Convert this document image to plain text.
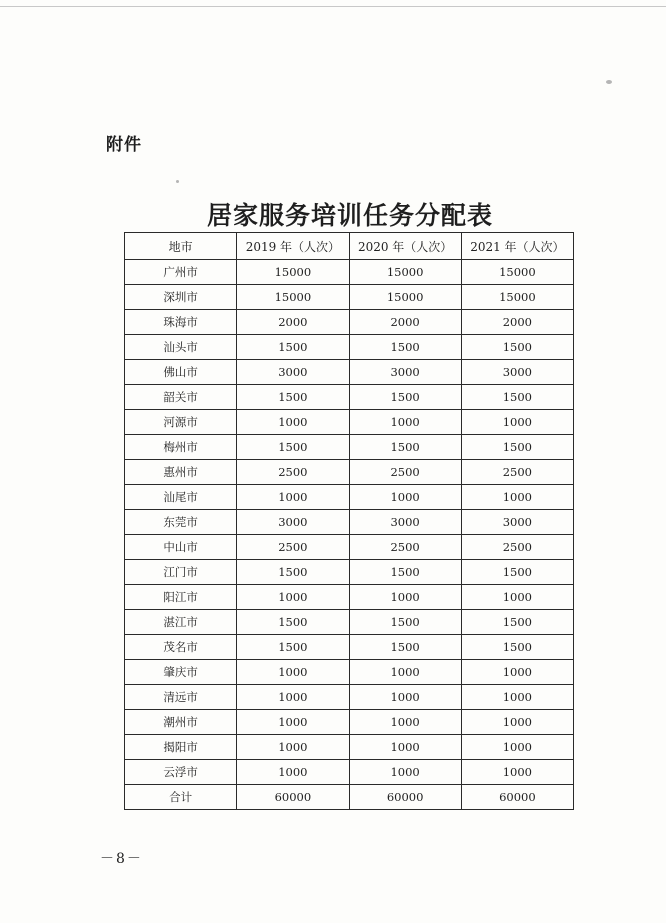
附件
居家服务培训任务分配表
地市	2019 年（人次）	2020 年（人次）	2021 年（人次）
广州市	15000	15000	15000
深圳市	15000	15000	15000
珠海市	2000	2000	2000
汕头市	1500	1500	1500
佛山市	3000	3000	3000
韶关市	1500	1500	1500
河源市	1000	1000	1000
梅州市	1500	1500	1500
惠州市	2500	2500	2500
汕尾市	1000	1000	1000
东莞市	3000	3000	3000
中山市	2500	2500	2500
江门市	1500	1500	1500
阳江市	1000	1000	1000
湛江市	1500	1500	1500
茂名市	1500	1500	1500
肇庆市	1000	1000	1000
清远市	1000	1000	1000
潮州市	1000	1000	1000
揭阳市	1000	1000	1000
云浮市	1000	1000	1000
合计	60000	60000	60000
－8－
